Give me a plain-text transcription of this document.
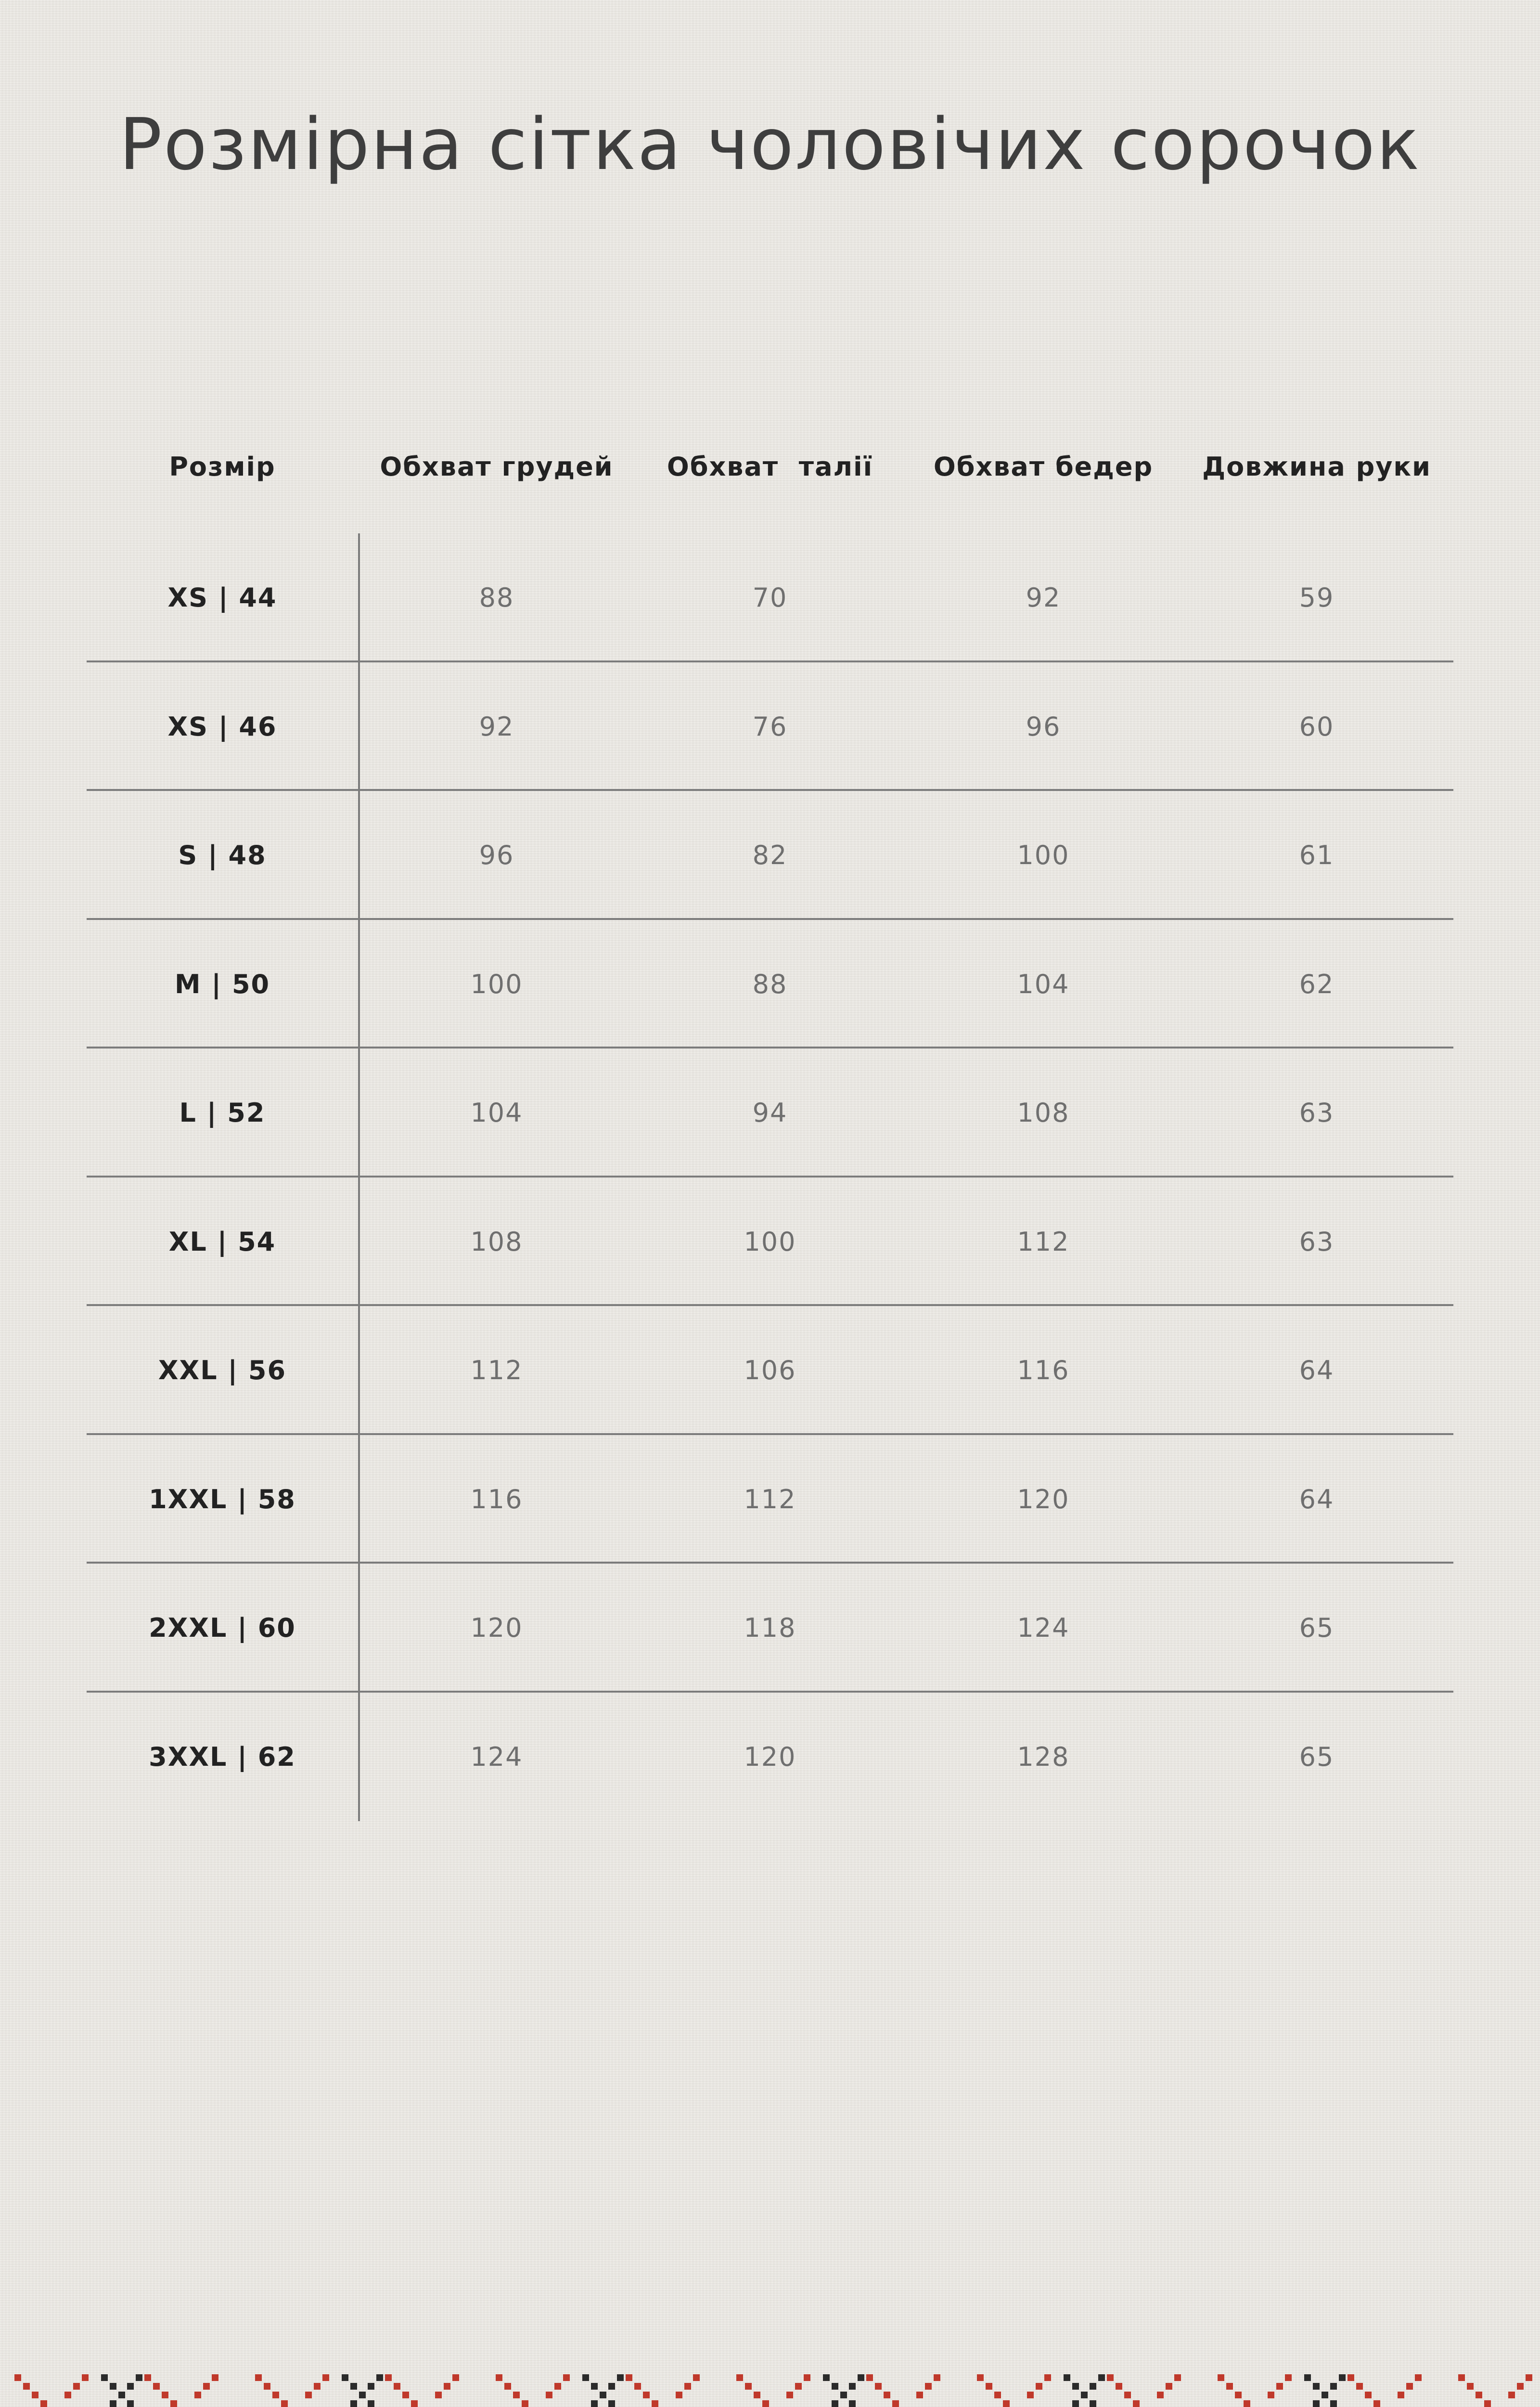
Розмірна сітка чоловічих сорочок
Розмір	Обхват грудей	Обхват  талії	Обхват бедер	Довжина руки
XS | 44	88	70	92	59
XS | 46	92	76	96	60
S | 48	96	82	100	61
M | 50	100	88	104	62
L | 52	104	94	108	63
XL | 54	108	100	112	63
XXL | 56	112	106	116	64
1XXL | 58	116	112	120	64
2XXL | 60	120	118	124	65
3XXL | 62	124	120	128	65
